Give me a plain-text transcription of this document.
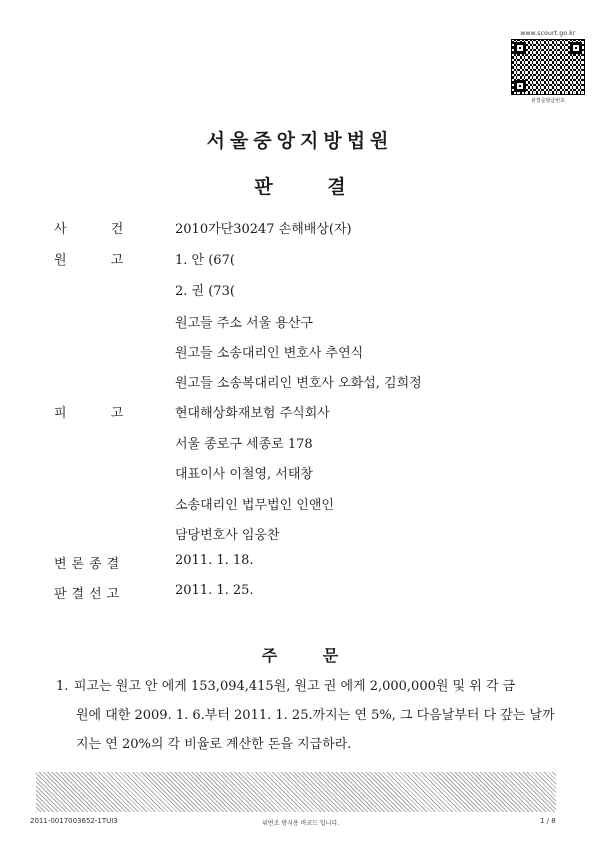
www.scourt.go.kr
판결문발급번호
서울중앙지방법원
판 결
사 건	2010가단30247 손해배상(자)
원 고	1. 안 (67(
2. 권 (73(
원고들 주소 서울 용산구
원고들 소송대리인 변호사 추연식
원고들 소송복대리인 변호사 오화섭, 김희정
피 고	현대해상화재보험 주식회사
서울 종로구 세종로 178
대표이사 이철영, 서태창
소송대리인 법무법인 인앤인
담당변호사 임웅찬
변론종결	2011. 1. 18.
판결선고	2011. 1. 25.
주 문
1. 피고는 원고 안 에게 153,094,415원, 원고 권 에게 2,000,000원 및 위 각 금
원에 대한 2009. 1. 6.부터 2011. 1. 25.까지는 연 5%, 그 다음날부터 다 갚는 날까
지는 연 20%의 각 비율로 계산한 돈을 지급하라.
2011-0017003652-1TUI3	위변조 방지용 바코드 입니다.	1 / 8
